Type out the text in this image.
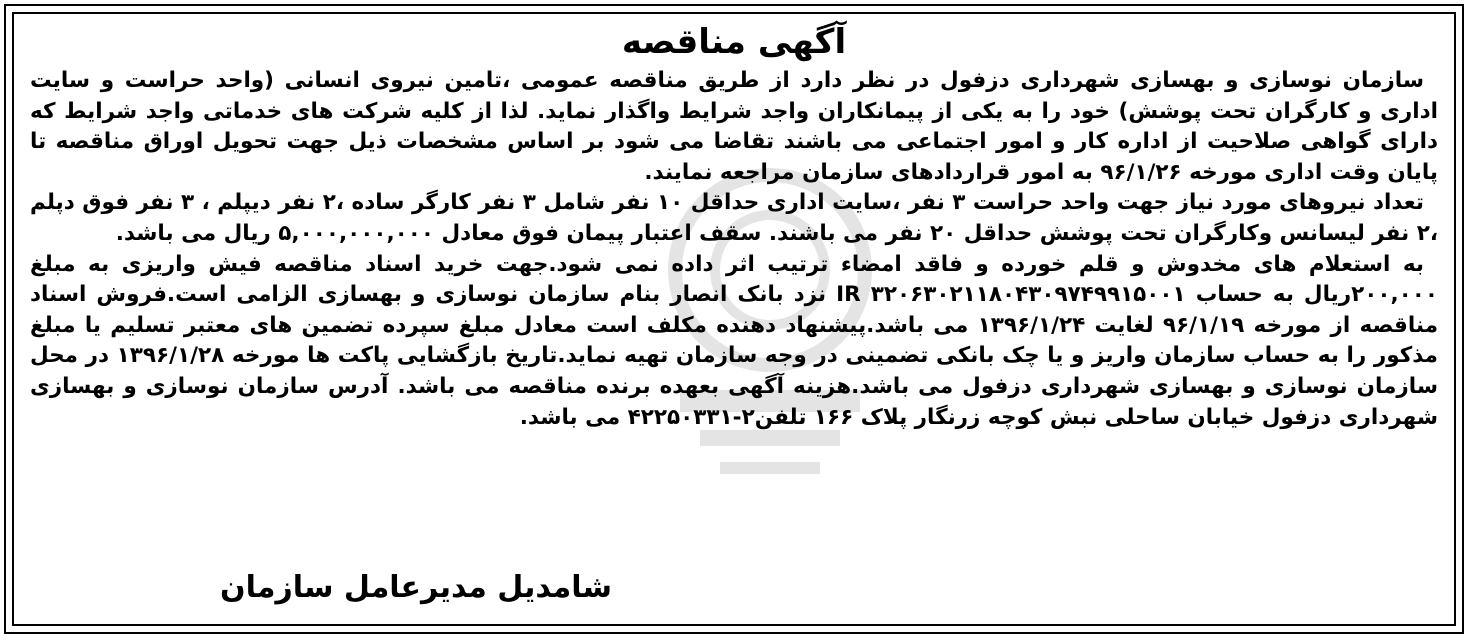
آگهی مناقصه

سازمان نوسازی و بهسازی شهرداری دزفول در نظر دارد از طریق مناقصه عمومی ،تامین نیروی انسانی (واحد حراست و سایت اداری و کارگران تحت پوشش) خود را به یکی از پیمانکاران واجد شرایط واگذار نماید. لذا از کلیه شرکت های خدماتی واجد شرایط که دارای گواهی صلاحیت از اداره کار و امور اجتماعی می باشند تقاضا می شود بر اساس مشخصات ذیل جهت تحویل اوراق مناقصه تا پایان وقت اداری مورخه ۹۶/۱/۲۶ به امور قراردادهای سازمان مراجعه نمایند.

تعداد نیروهای مورد نیاز جهت واحد حراست ۳ نفر ،سایت اداری حداقل ۱۰ نفر شامل ۳ نفر کارگر ساده ،۲ نفر دیپلم ، ۳ نفر فوق دپلم ،۲ نفر لیسانس وکارگران تحت پوشش حداقل ۲۰ نفر می باشند. سقف اعتبار پیمان فوق معادل ۵,۰۰۰,۰۰۰,۰۰۰ ریال می باشد.

به استعلام های مخدوش و قلم خورده و فاقد امضاء ترتیب اثر داده نمی شود.جهت خرید اسناد مناقصه فیش واریزی به مبلغ ۲۰۰,۰۰۰ریال به حساب IR ۳۲۰۶۳۰۲۱۱۸۰۴۳۰۹۷۴۹۹۱۵۰۰۱ نزد بانک انصار بنام سازمان نوسازی و بهسازی الزامی است.فروش اسناد مناقصه از مورخه ۹۶/۱/۱۹ لغایت ۱۳۹۶/۱/۲۴ می باشد.پیشنهاد دهنده مکلف است معادل مبلغ سپرده تضمین های معتبر تسلیم یا مبلغ مذکور را به حساب سازمان واریز و یا چک بانکی تضمینی در وجه سازمان تهیه نماید.تاریخ بازگشایی پاکت ها مورخه ۱۳۹۶/۱/۲۸ در محل سازمان نوسازی و بهسازی شهرداری دزفول می باشد.هزینه آگهی بعهده برنده مناقصه می باشد. آدرس سازمان نوسازی و بهسازی شهرداری دزفول خیابان ساحلی نبش کوچه زرنگار پلاک ۱۶۶ تلفن۲-۴۲۲۵۰۳۳۱ می باشد.

شامدیل مدیرعامل سازمان
